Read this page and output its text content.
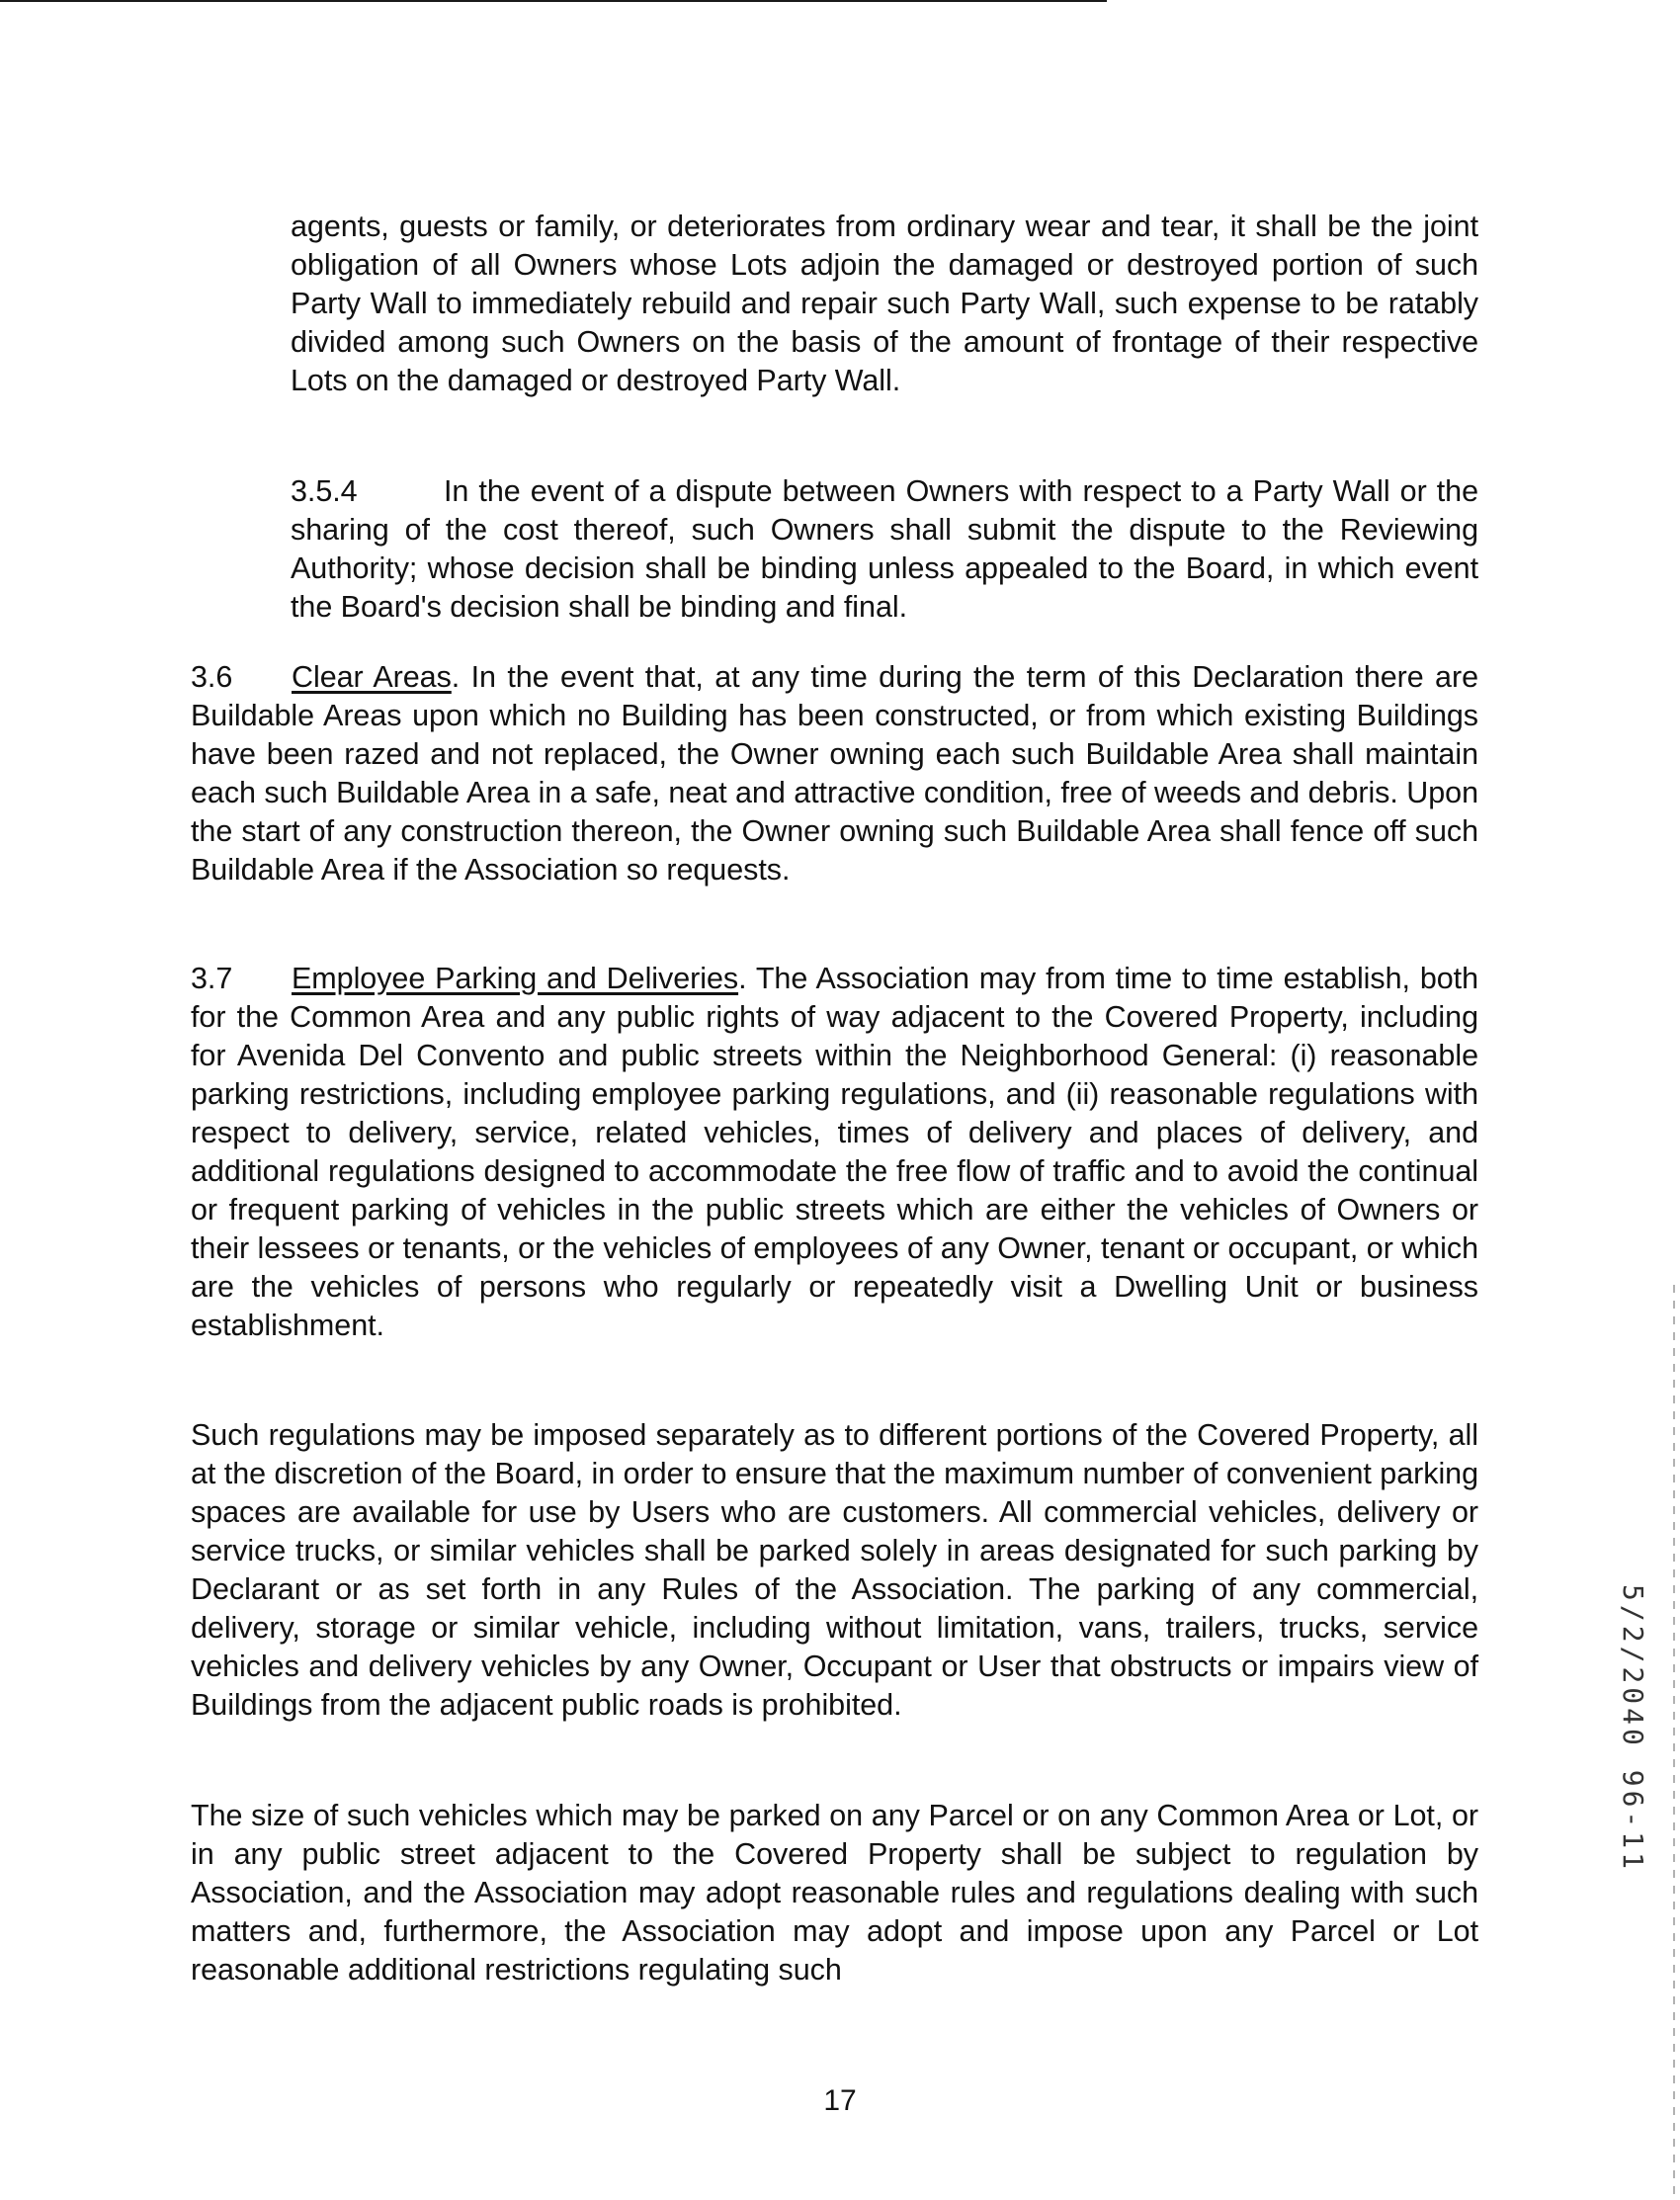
agents, guests or family, or deteriorates from ordinary wear and tear, it shall be the joint obligation of all Owners whose Lots adjoin the damaged or destroyed portion of such Party Wall to immediately rebuild and repair such Party Wall, such expense to be ratably divided among such Owners on the basis of the amount of frontage of their respective Lots on the damaged or destroyed Party Wall.

3.5.4	In the event of a dispute between Owners with respect to a Party Wall or the sharing of the cost thereof, such Owners shall submit the dispute to the Reviewing Authority; whose decision shall be binding unless appealed to the Board, in which event the Board's decision shall be binding and final.

3.6 Clear Areas. In the event that, at any time during the term of this Declaration there are Buildable Areas upon which no Building has been constructed, or from which existing Buildings have been razed and not replaced, the Owner owning each such Buildable Area shall maintain each such Buildable Area in a safe, neat and attractive condition, free of weeds and debris. Upon the start of any construction thereon, the Owner owning such Buildable Area shall fence off such Buildable Area if the Association so requests.

3.7 Employee Parking and Deliveries. The Association may from time to time establish, both for the Common Area and any public rights of way adjacent to the Covered Property, including for Avenida Del Convento and public streets within the Neighborhood General: (i) reasonable parking restrictions, including employee parking regulations, and (ii) reasonable regulations with respect to delivery, service, related vehicles, times of delivery and places of delivery, and additional regulations designed to accommodate the free flow of traffic and to avoid the continual or frequent parking of vehicles in the public streets which are either the vehicles of Owners or their lessees or tenants, or the vehicles of employees of any Owner, tenant or occupant, or which are the vehicles of persons who regularly or repeatedly visit a Dwelling Unit or business establishment.

Such regulations may be imposed separately as to different portions of the Covered Property, all at the discretion of the Board, in order to ensure that the maximum number of convenient parking spaces are available for use by Users who are customers. All commercial vehicles, delivery or service trucks, or similar vehicles shall be parked solely in areas designated for such parking by Declarant or as set forth in any Rules of the Association. The parking of any commercial, delivery, storage or similar vehicle, including without limitation, vans, trailers, trucks, service vehicles and delivery vehicles by any Owner, Occupant or User that obstructs or impairs view of Buildings from the adjacent public roads is prohibited.

The size of such vehicles which may be parked on any Parcel or on any Common Area or Lot, or in any public street adjacent to the Covered Property shall be subject to regulation by Association, and the Association may adopt reasonable rules and regulations dealing with such matters and, furthermore, the Association may adopt and impose upon any Parcel or Lot reasonable additional restrictions regulating such

17
5/2/2040 96-11
